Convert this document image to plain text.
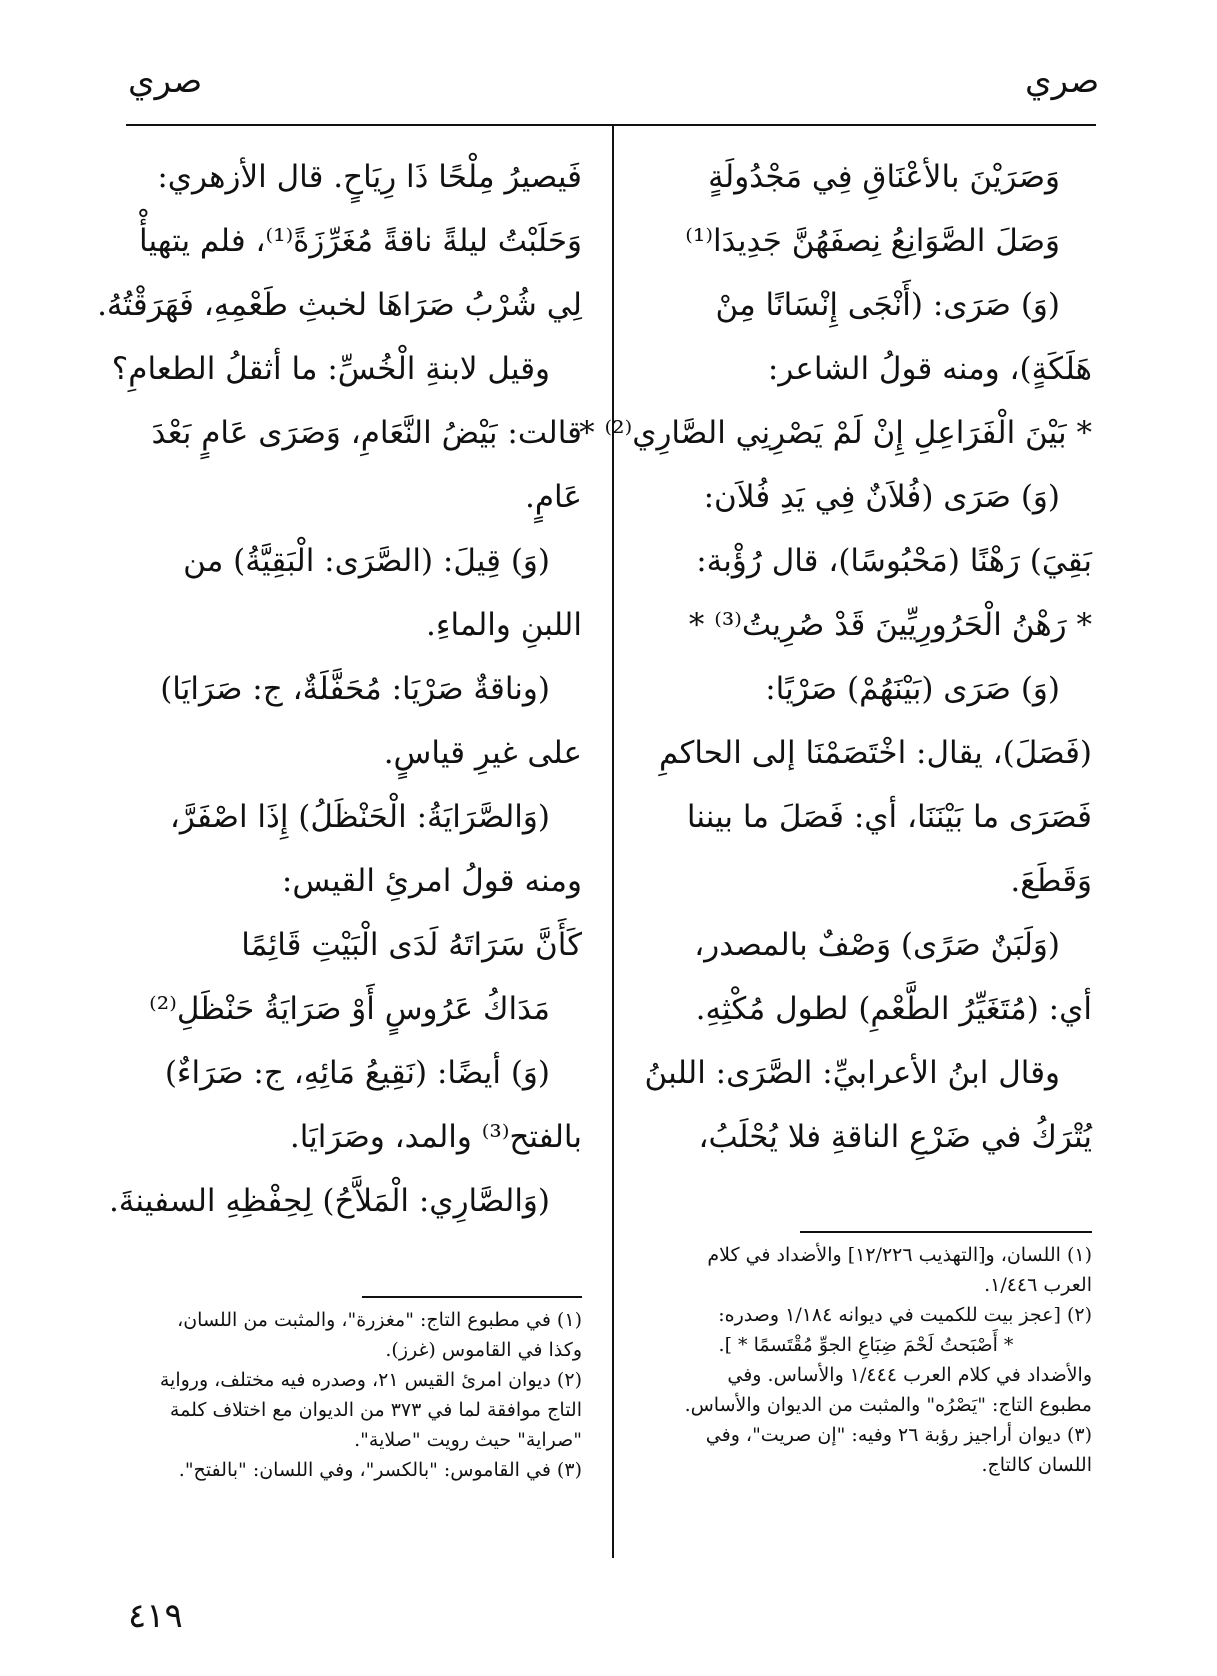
صري
صري
وَصَرَيْنَ بالأعْنَاقِ فِي مَجْدُولَةٍ
وَصَلَ الصَّوَانِعُ نِصفَهُنَّ جَدِيدَا⁽¹⁾
(وَ) صَرَى: (أَنْجَى إِنْسَانًا مِنْ
هَلَكَةٍ)، ومنه قولُ الشاعر:
* بَيْنَ الْفَرَاعِلِ إِنْ لَمْ يَصْرِنِي الصَّارِي⁽²⁾ *
(وَ) صَرَى (فُلاَنٌ فِي يَدِ فُلاَن:
بَقِيَ) رَهْنًا (مَحْبُوسًا)، قال رُؤْبة:
* رَهْنُ الْحَرُورِيِّينَ قَدْ صُرِيتُ⁽³⁾ *
(وَ) صَرَى (بَيْنَهُمْ) صَرْيًا:
(فَصَلَ)، يقال: اخْتَصَمْنَا إلى الحاكمِ
فَصَرَى ما بَيْنَنَا، أي: فَصَلَ ما بيننا
وَقَطَعَ.
(وَلَبَنٌ صَرًى) وَصْفٌ بالمصدر،
أي: (مُتَغَيِّرُ الطَّعْمِ) لطول مُكْثِهِ.
وقال ابنُ الأعرابيِّ: الصَّرَى: اللبنُ
يُتْرَكُ في ضَرْعِ الناقةِ فلا يُحْلَبُ،
فَيصيرُ مِلْحًا ذَا رِيَاحٍ. قال الأزهري:
وَحَلَبْتُ ليلةً ناقةً مُغَرِّزَةً⁽¹⁾، فلم يتهيأْ
لِي شُرْبُ صَرَاهَا لخبثِ طَعْمِهِ، فَهَرَقْتُهُ.
وقيل لابنةِ الْخُسِّ: ما أثقلُ الطعامِ؟
قالت: بَيْضُ النَّعَامِ، وَصَرَى عَامٍ بَعْدَ
عَامٍ.
(وَ) قِيلَ: (الصَّرَى: الْبَقِيَّةُ) من
اللبنِ والماءِ.
(وناقةٌ صَرْيَا: مُحَفَّلَةٌ، ج: صَرَايَا)
على غيرِ قياسٍ.
(وَالصَّرَايَةُ: الْحَنْظَلُ) إِذَا اصْفَرَّ،
ومنه قولُ امرئِ القيس:
كَأَنَّ سَرَاتَهُ لَدَى الْبَيْتِ قَائِمًا
مَدَاكُ عَرُوسٍ أَوْ صَرَايَةُ حَنْظَلِ⁽²⁾
(وَ) أيضًا: (نَقِيعُ مَائِهِ، ج: صَرَاءٌ)
بالفتح⁽³⁾ والمد، وصَرَايَا.
(وَالصَّارِي: الْمَلاَّحُ) لِحِفْظِهِ السفينةَ.
(١) اللسان، و[التهذيب ١٢/٢٢٦] والأضداد في كلام
العرب ١/٤٤٦.
(٢) [عجز بيت للكميت في ديوانه ١/١٨٤ وصدره:
* أَصْبَحتُ لَحْمَ ضِبَاعِ الجوِّ مُقْتَسمًا * ].
والأضداد في كلام العرب ١/٤٤٤ والأساس. وفي
مطبوع التاج: "يَصْرُه" والمثبت من الديوان والأساس.
(٣) ديوان أراجيز رؤبة ٢٦ وفيه: "إن صريت"، وفي
اللسان كالتاج.
(١) في مطبوع التاج: "مغزرة"، والمثبت من اللسان،
وكذا في القاموس (غرز).
(٢) ديوان امرئ القيس ٢١، وصدره فيه مختلف، ورواية
التاج موافقة لما في ٣٧٣ من الديوان مع اختلاف كلمة
"صراية" حيث رويت "صلاية".
(٣) في القاموس: "بالكسر"، وفي اللسان: "بالفتح".
٤١٩
